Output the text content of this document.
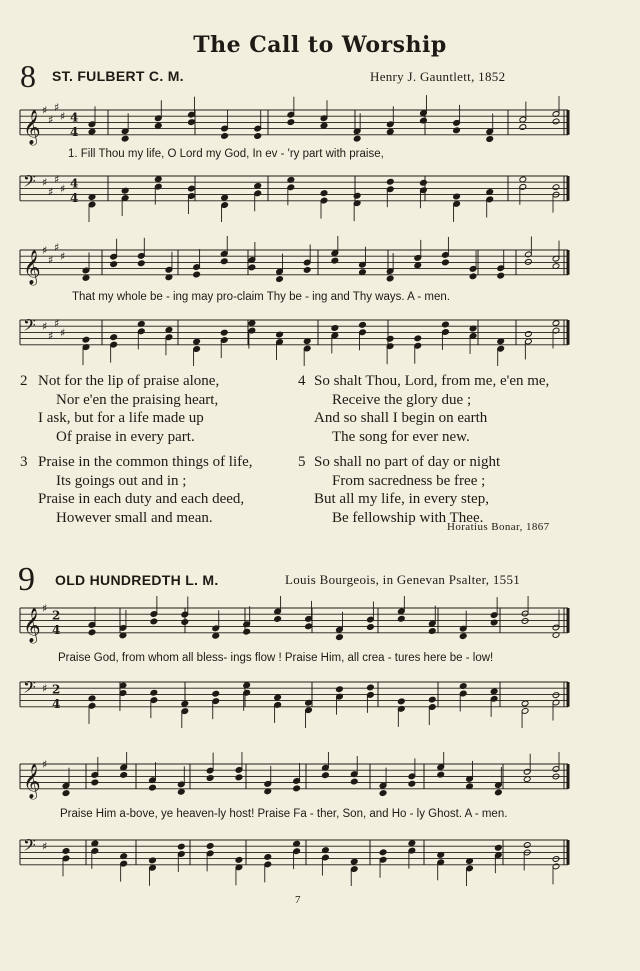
The Call to Worship
8 ST. FULBERT C. M.	Henry J. Gauntlett, 1852
𝄞 ♯
♯
♯
♯ 4
4
1. Fill Thou my life, O Lord my God, In ev - 'ry part with praise,
𝄢 ♯
♯
♯
♯ 4
4
𝄞 ♯
♯
♯
♯
That my whole be - ing may pro-claim Thy be - ing and Thy ways. A - men.
𝄢 ♯
♯
♯
♯
2 Not for the lip of praise alone,
Nor e'en the praising heart,
I ask, but for a life made up
Of praise in every part.
3 Praise in the common things of life,
Its goings out and in ;
Praise in each duty and each deed,
However small and mean.
4 So shalt Thou, Lord, from me, e'en me,
Receive the glory due ;
And so shall I begin on earth
The song for ever new.
5 So shall no part of day or night
From sacredness be free ;
But all my life, in every step,
Be fellowship with Thee.
Horatius Bonar, 1867
9 OLD HUNDREDTH L. M.	Louis Bourgeois, in Genevan Psalter, 1551
𝄞 ♯ 2
4
Praise God, from whom all bless- ings flow ! Praise Him, all crea - tures here be - low!
𝄢 ♯ 2
4
𝄞 ♯
Praise Him a-bove, ye heaven-ly host! Praise Fa - ther, Son, and Ho - ly Ghost. A - men.
𝄢 ♯
7
